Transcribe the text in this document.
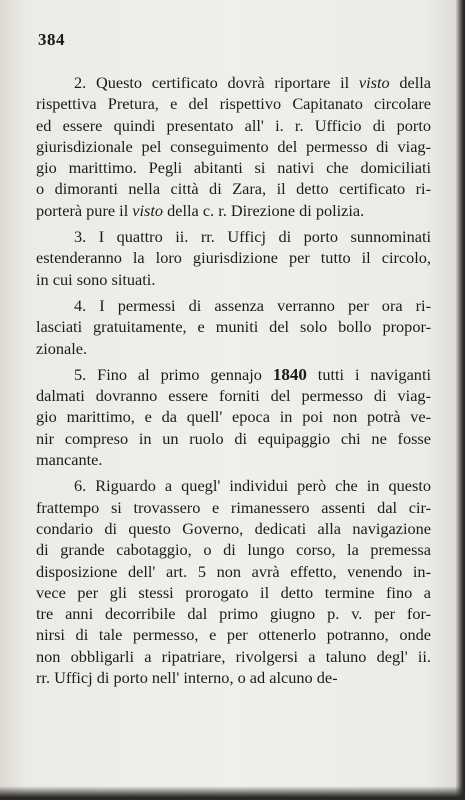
384
2. Questo certificato dovrà riportare il visto della
rispettiva Pretura, e del rispettivo Capitanato circolare
ed essere quindi presentato all' i. r. Ufficio di porto
giurisdizionale pel conseguimento del permesso di viag-
gio marittimo. Pegli abitanti si nativi che domiciliati
o dimoranti nella città di Zara, il detto certificato ri-
porterà pure il visto della c. r. Direzione di polizia.
3. I quattro ii. rr. Ufficj di porto sunnominati
estenderanno la loro giurisdizione per tutto il circolo,
in cui sono situati.
4. I permessi di assenza verranno per ora ri-
lasciati gratuitamente, e muniti del solo bollo propor-
zionale.
5. Fino al primo gennajo 1840 tutti i naviganti
dalmati dovranno essere forniti del permesso di viag-
gio marittimo, e da quell' epoca in poi non potrà ve-
nir compreso in un ruolo di equipaggio chi ne fosse
mancante.
6. Riguardo a quegl' individui però che in questo
frattempo si trovassero e rimanessero assenti dal cir-
condario di questo Governo, dedicati alla navigazione
di grande cabotaggio, o di lungo corso, la premessa
disposizione dell' art. 5 non avrà effetto, venendo in-
vece per gli stessi prorogato il detto termine fino a
tre anni decorribile dal primo giugno p. v. per for-
nirsi di tale permesso, e per ottenerlo potranno, onde
non obbligarli a ripatriare, rivolgersi a taluno degl' ii.
rr. Ufficj di porto nell' interno, o ad alcuno de-
